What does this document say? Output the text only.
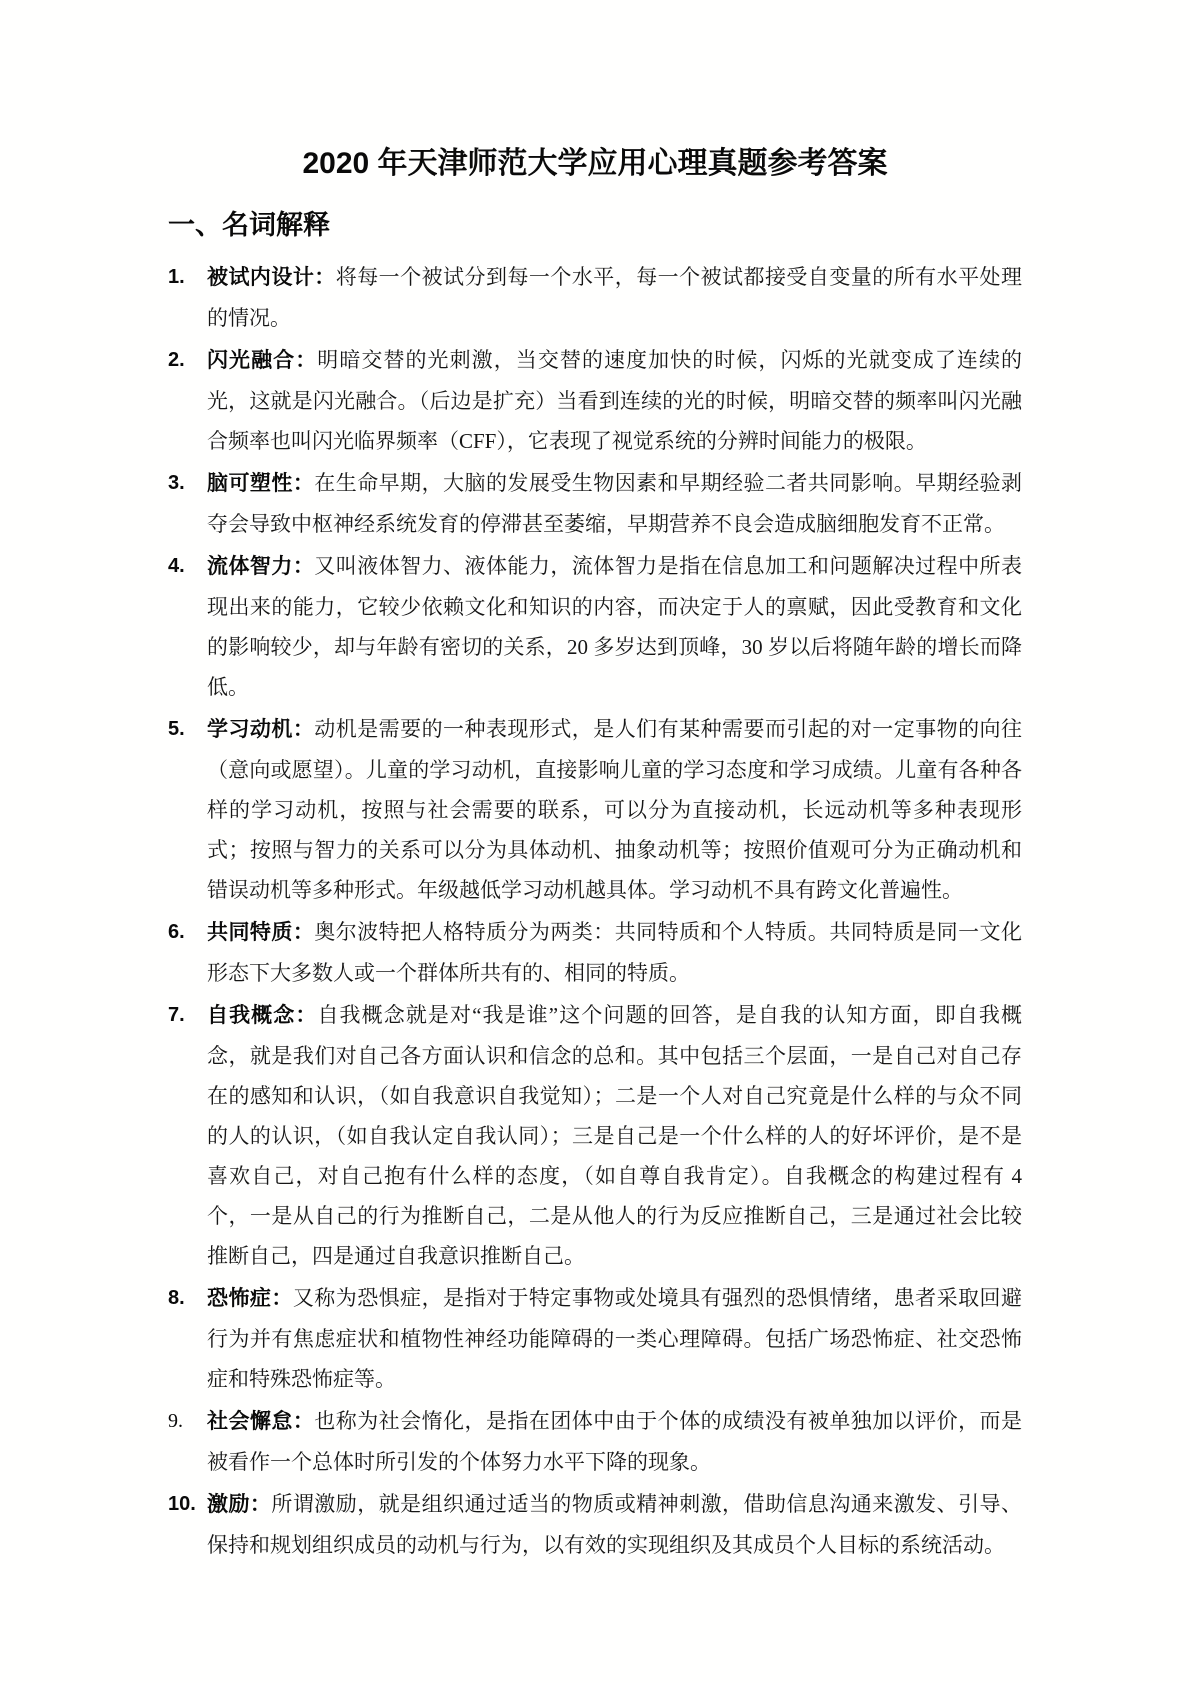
2020 年天津师范大学应用心理真题参考答案
一、名词解释
1.	被试内设计：将每一个被试分到每一个水平，每一个被试都接受自变量的所有水平处理的情况。

2.	闪光融合：明暗交替的光刺激，当交替的速度加快的时候，闪烁的光就变成了连续的光，这就是闪光融合。（后边是扩充）当看到连续的光的时候，明暗交替的频率叫闪光融合频率也叫闪光临界频率（CFF），它表现了视觉系统的分辨时间能力的极限。

3.	脑可塑性：在生命早期，大脑的发展受生物因素和早期经验二者共同影响。早期经验剥夺会导致中枢神经系统发育的停滞甚至萎缩，早期营养不良会造成脑细胞发育不正常。

4.	流体智力：又叫液体智力、液体能力，流体智力是指在信息加工和问题解决过程中所表现出来的能力，它较少依赖文化和知识的内容，而决定于人的禀赋，因此受教育和文化的影响较少，却与年龄有密切的关系，20 多岁达到顶峰，30 岁以后将随年龄的增长而降低。

5.	学习动机：动机是需要的一种表现形式，是人们有某种需要而引起的对一定事物的向往（意向或愿望）。儿童的学习动机，直接影响儿童的学习态度和学习成绩。儿童有各种各样的学习动机，按照与社会需要的联系，可以分为直接动机，长远动机等多种表现形式；按照与智力的关系可以分为具体动机、抽象动机等；按照价值观可分为正确动机和错误动机等多种形式。年级越低学习动机越具体。学习动机不具有跨文化普遍性。

6.	共同特质：奥尔波特把人格特质分为两类：共同特质和个人特质。共同特质是同一文化形态下大多数人或一个群体所共有的、相同的特质。

7.	自我概念：自我概念就是对“我是谁”这个问题的回答，是自我的认知方面，即自我概念，就是我们对自己各方面认识和信念的总和。其中包括三个层面，一是自己对自己存在的感知和认识，（如自我意识自我觉知）；二是一个人对自己究竟是什么样的与众不同的人的认识，（如自我认定自我认同）；三是自己是一个什么样的人的好坏评价，是不是喜欢自己，对自己抱有什么样的态度，（如自尊自我肯定）。自我概念的构建过程有 4 个，一是从自己的行为推断自己，二是从他人的行为反应推断自己，三是通过社会比较推断自己，四是通过自我意识推断自己。

8.	恐怖症：又称为恐惧症，是指对于特定事物或处境具有强烈的恐惧情绪，患者采取回避行为并有焦虑症状和植物性神经功能障碍的一类心理障碍。包括广场恐怖症、社交恐怖症和特殊恐怖症等。

9.	社会懈怠：也称为社会惰化，是指在团体中由于个体的成绩没有被单独加以评价，而是被看作一个总体时所引发的个体努力水平下降的现象。

10. 激励：所谓激励，就是组织通过适当的物质或精神刺激，借助信息沟通来激发、引导、保持和规划组织成员的动机与行为，以有效的实现组织及其成员个人目标的系统活动。
